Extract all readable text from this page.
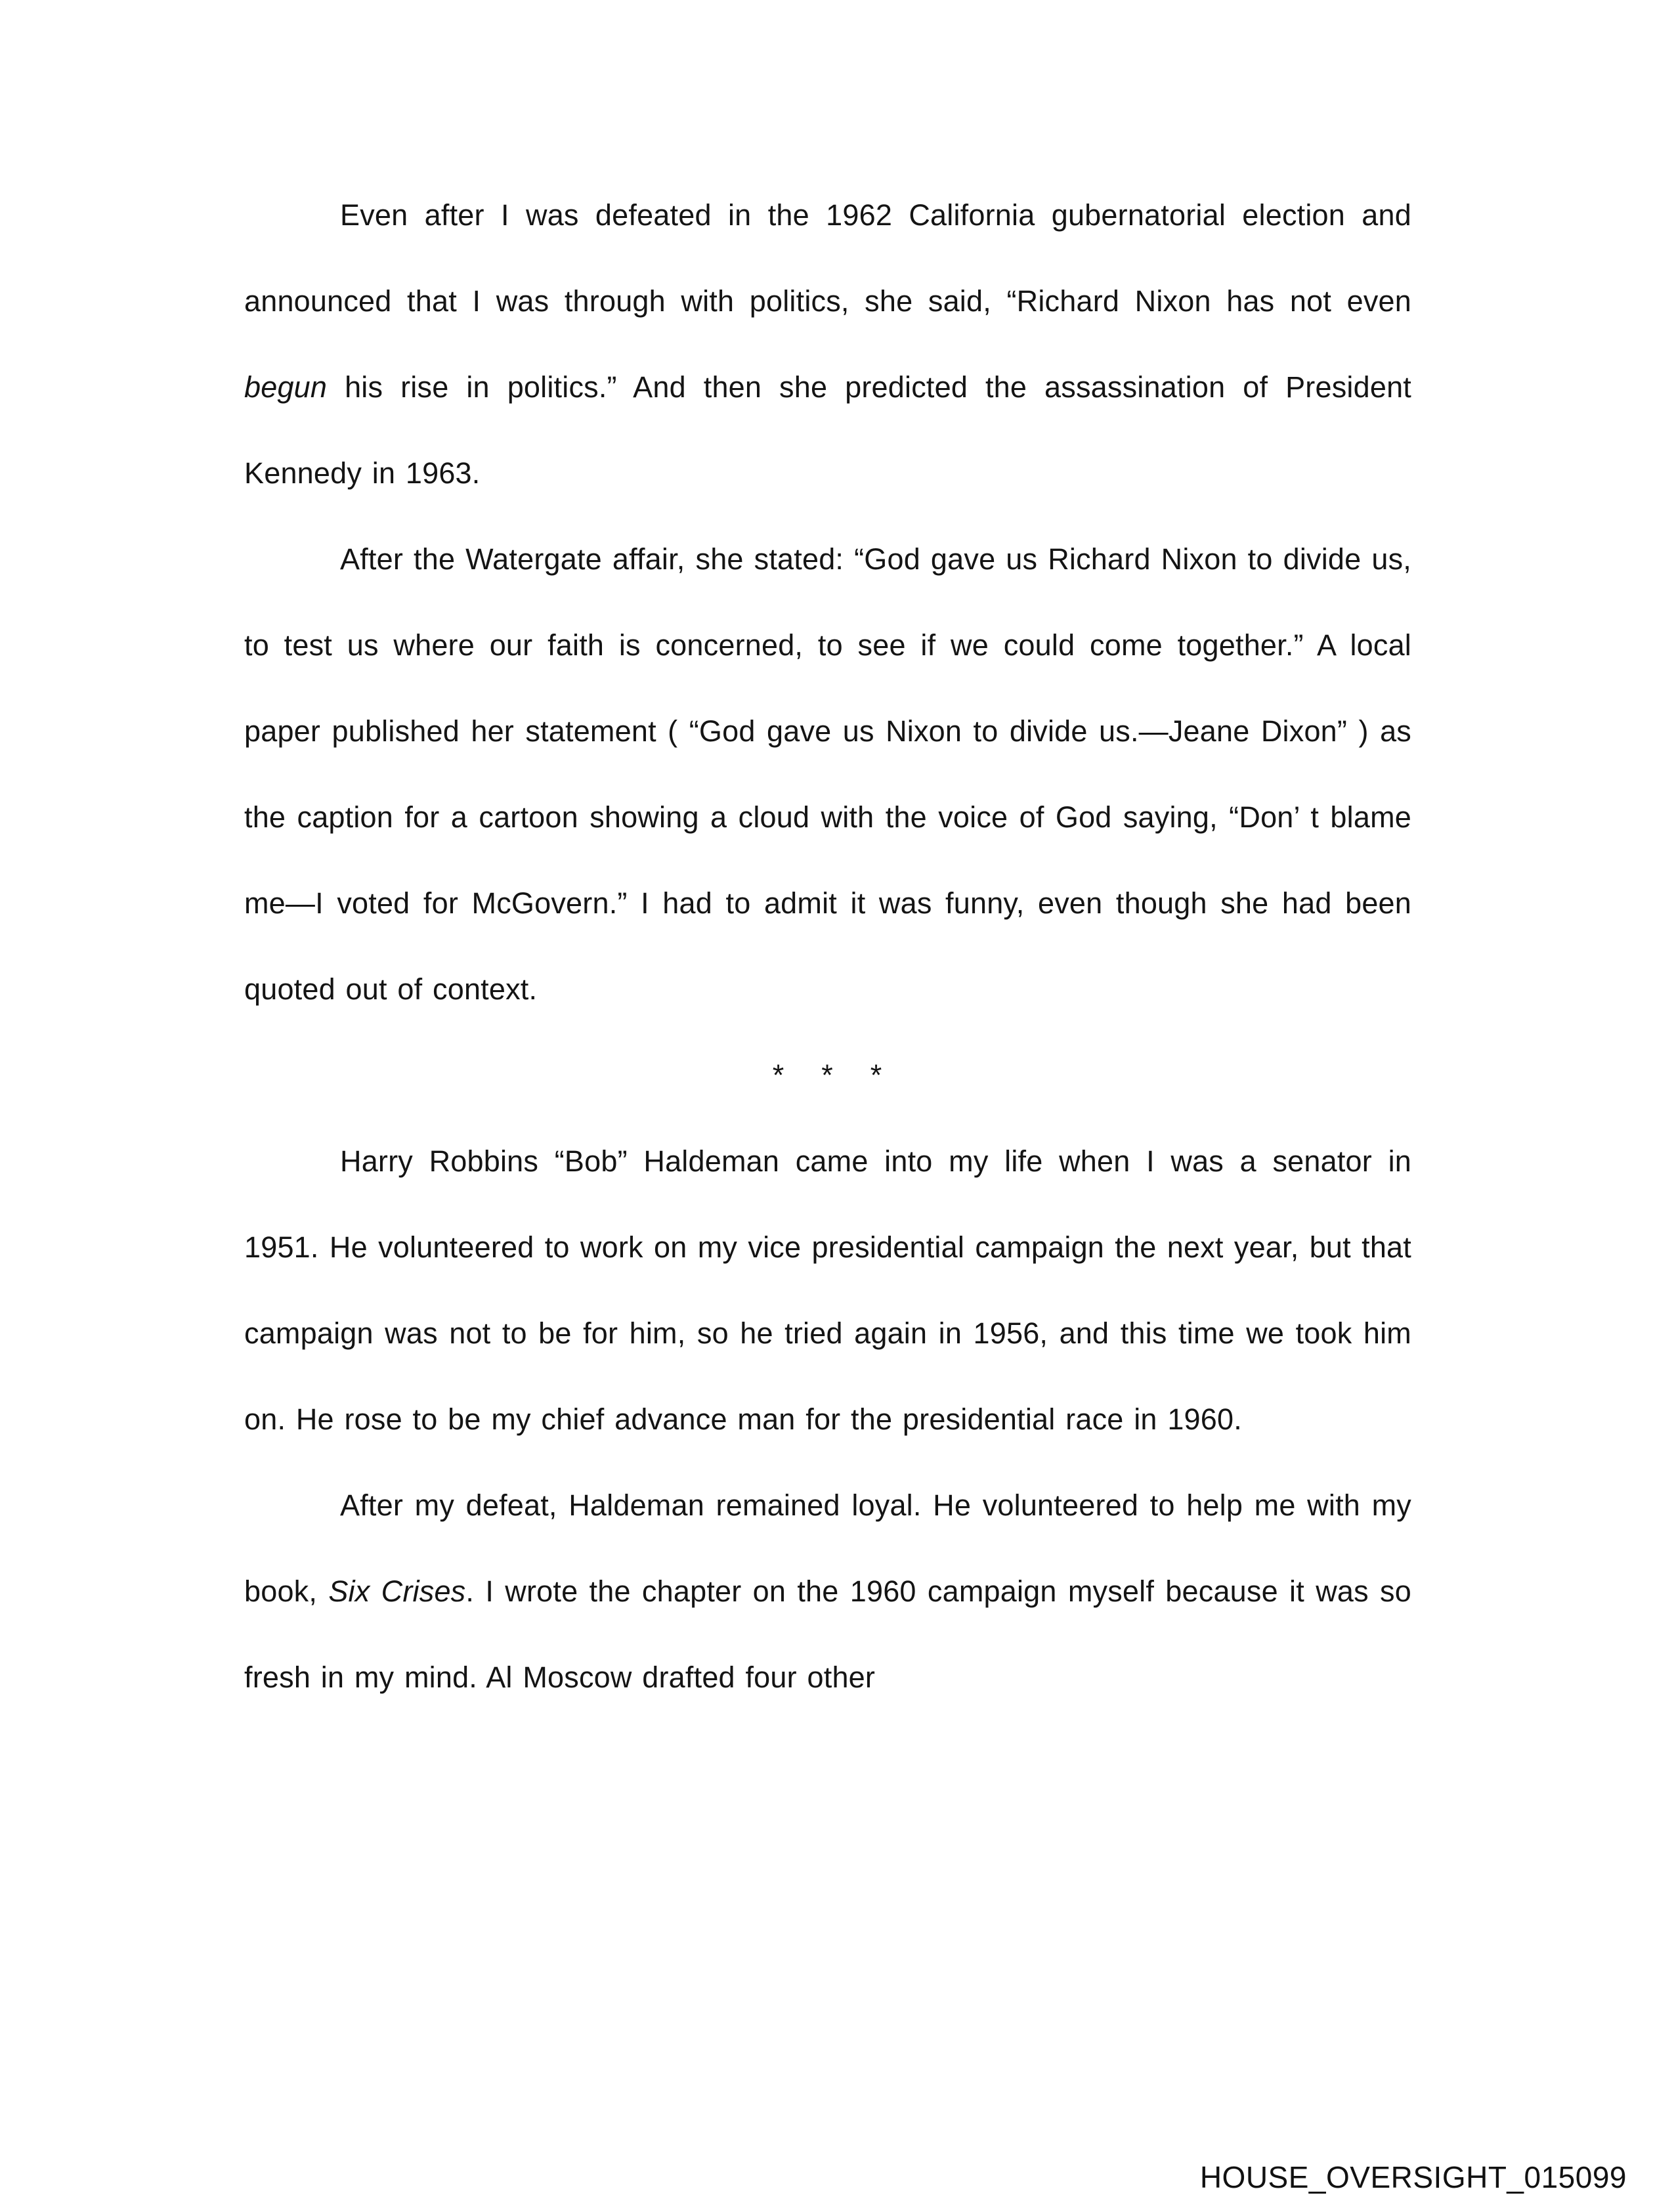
Even after I was defeated in the 1962 California gubernatorial election and announced that I was through with politics, she said, “Richard Nixon has not even begun his rise in politics.” And then she predicted the assassination of President Kennedy in 1963.

After the Watergate affair, she stated: “God gave us Richard Nixon to divide us, to test us where our faith is concerned, to see if we could come together.” A local paper published her statement ( “God gave us Nixon to divide us.—Jeane Dixon” ) as the caption for a cartoon showing a cloud with the voice of God saying, “Don’ t blame me—I voted for McGovern.” I had to admit it was funny, even though she had been quoted out of context.

* * *

Harry Robbins “Bob” Haldeman came into my life when I was a senator in 1951. He volunteered to work on my vice presidential campaign the next year, but that campaign was not to be for him, so he tried again in 1956, and this time we took him on. He rose to be my chief advance man for the presidential race in 1960.

After my defeat, Haldeman remained loyal. He volunteered to help me with my book, Six Crises. I wrote the chapter on the 1960 campaign myself because it was so fresh in my mind. Al Moscow drafted four other

HOUSE_OVERSIGHT_015099
